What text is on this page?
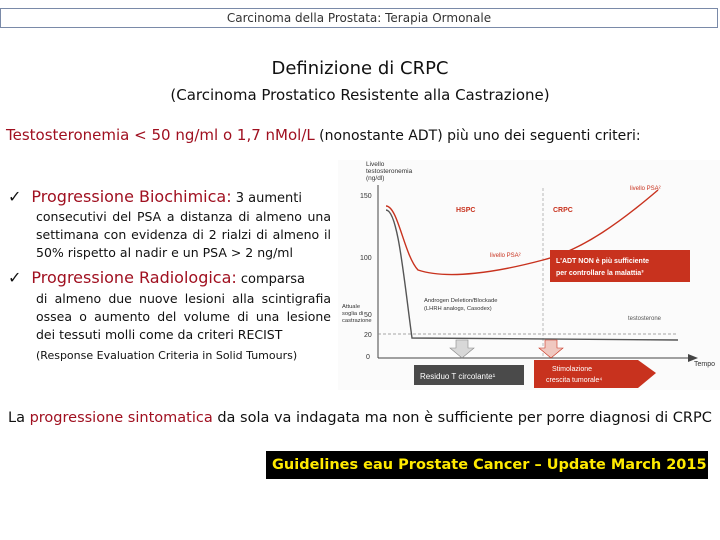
Carcinoma della Prostata: Terapia Ormonale
Definizione di CRPC
(Carcinoma Prostatico Resistente alla Castrazione)
Testosteronemia < 50 ng/ml o 1,7 nMol/L (nonostante ADT) più uno dei seguenti criteri:
✓ Progressione Biochimica: 3 aumenti
consecutivi del PSA a distanza di almeno una settimana con evidenza di 2 rialzi di almeno il 50% rispetto al nadir e un PSA > 2 ng/ml
✓ Progressione Radiologica: comparsa
di almeno due nuove lesioni alla scintigrafia ossea o aumento del volume di una lesione dei tessuti molli come da criteri RECIST
(Response Evaluation Criteria in Solid Tumours)
Livello
testosteronemia
(ng/dl)
Tempo
150
100
50
20
0
Attuale
soglia di
castrazione
HSPC	CRPC
testosterone
livello PSA²
livello PSA²
L'ADT NON è più sufficiente
per controllare la malattia³
Androgen Deletion/Blockade
(LHRH analogs, Casodex)
Residuo T circolante¹
Stimolazione
crescita tumorale⁴
La progressione sintomatica da sola va indagata ma non è sufficiente per porre diagnosi di CRPC
Guidelines eau Prostate Cancer – Update March 2015
